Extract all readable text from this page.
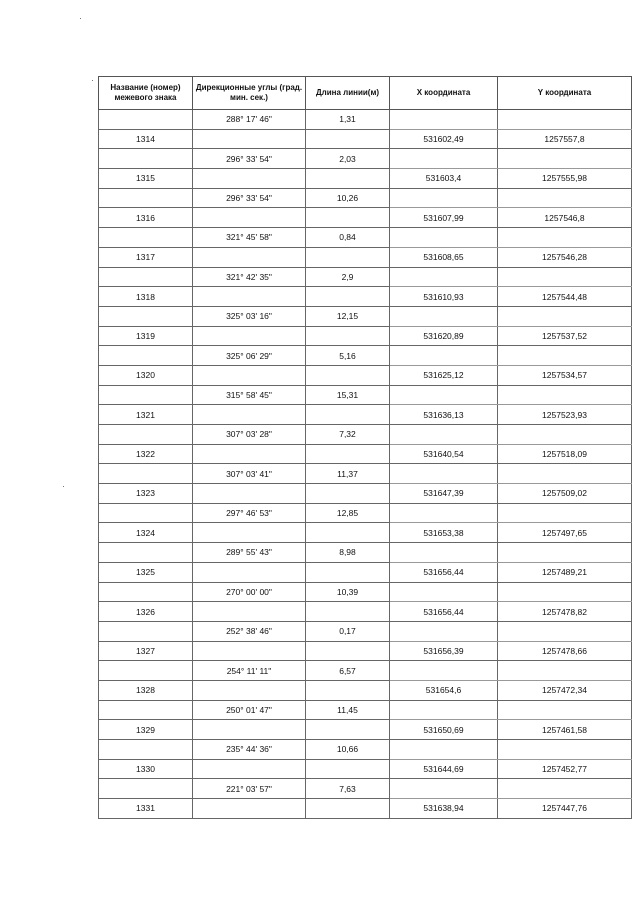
Название (номер) межевого знака	Дирекционные углы (град. мин. сек.)	Длина линии(м)	X координата	Y координата
	288° 17' 46"	1,31		
1314			531602,49	1257557,8
	296° 33' 54"	2,03		
1315			531603,4	1257555,98
	296° 33' 54"	10,26		
1316			531607,99	1257546,8
	321° 45' 58"	0,84		
1317			531608,65	1257546,28
	321° 42' 35"	2,9		
1318			531610,93	1257544,48
	325° 03' 16"	12,15		
1319			531620,89	1257537,52
	325° 06' 29"	5,16		
1320			531625,12	1257534,57
	315° 58' 45"	15,31		
1321			531636,13	1257523,93
	307° 03' 28"	7,32		
1322			531640,54	1257518,09
	307° 03' 41"	11,37		
1323			531647,39	1257509,02
	297° 46' 53"	12,85		
1324			531653,38	1257497,65
	289° 55' 43"	8,98		
1325			531656,44	1257489,21
	270° 00' 00"	10,39		
1326			531656,44	1257478,82
	252° 38' 46"	0,17		
1327			531656,39	1257478,66
	254° 11' 11"	6,57		
1328			531654,6	1257472,34
	250° 01' 47"	11,45		
1329			531650,69	1257461,58
	235° 44' 36"	10,66		
1330			531644,69	1257452,77
	221° 03' 57"	7,63		
1331			531638,94	1257447,76
